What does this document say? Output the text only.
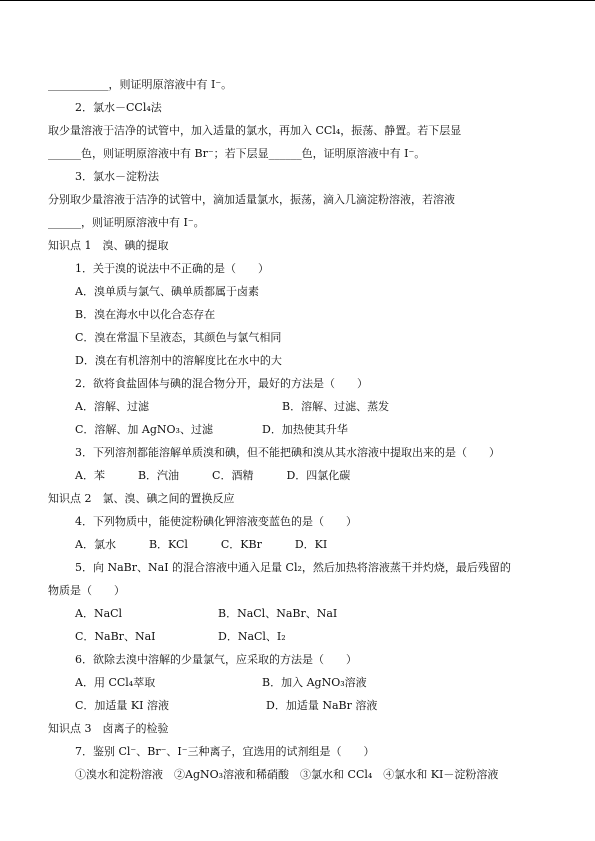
___________，则证明原溶液中有 I⁻。
2．氯水－CCl₄法
取少量溶液于洁净的试管中，加入适量的氯水，再加入 CCl₄，振荡、静置。若下层显
______色，则证明原溶液中有 Br⁻；若下层显______色，证明原溶液中有 I⁻。
3．氯水－淀粉法
分别取少量溶液于洁净的试管中，滴加适量氯水，振荡，滴入几滴淀粉溶液，若溶液
______，则证明原溶液中有 I⁻。
知识点 1　溴、碘的提取
1．关于溴的说法中不正确的是（　　）
A．溴单质与氯气、碘单质都属于卤素
B．溴在海水中以化合态存在
C．溴在常温下呈液态，其颜色与氯气相同
D．溴在有机溶剂中的溶解度比在水中的大
2．欲将食盐固体与碘的混合物分开，最好的方法是（　　）
A．溶解、过滤	B．溶解、过滤、蒸发
C．溶解、加 AgNO₃、过滤	D．加热使其升华
3．下列溶剂都能溶解单质溴和碘，但不能把碘和溴从其水溶液中提取出来的是（　　）
A．苯　　　B．汽油　　　C．酒精　　　D．四氯化碳
知识点 2　氯、溴、碘之间的置换反应
4．下列物质中，能使淀粉碘化钾溶液变蓝色的是（　　）
A．氯水　　　B．KCl　　　C．KBr　　　D．KI
5．向 NaBr、NaI 的混合溶液中通入足量 Cl₂，然后加热将溶液蒸干并灼烧，最后残留的
物质是（　　）
A．NaCl	B．NaCl、NaBr、NaI
C．NaBr、NaI	D．NaCl、I₂
6．欲除去溴中溶解的少量氯气，应采取的方法是（　　）
A．用 CCl₄萃取	B．加入 AgNO₃溶液
C．加适量 KI 溶液	D．加适量 NaBr 溶液
知识点 3　卤离子的检验
7．鉴别 Cl⁻、Br⁻、I⁻三种离子，宜选用的试剂组是（　　）
①溴水和淀粉溶液　②AgNO₃溶液和稀硝酸　③氯水和 CCl₄　④氯水和 KI－淀粉溶液
